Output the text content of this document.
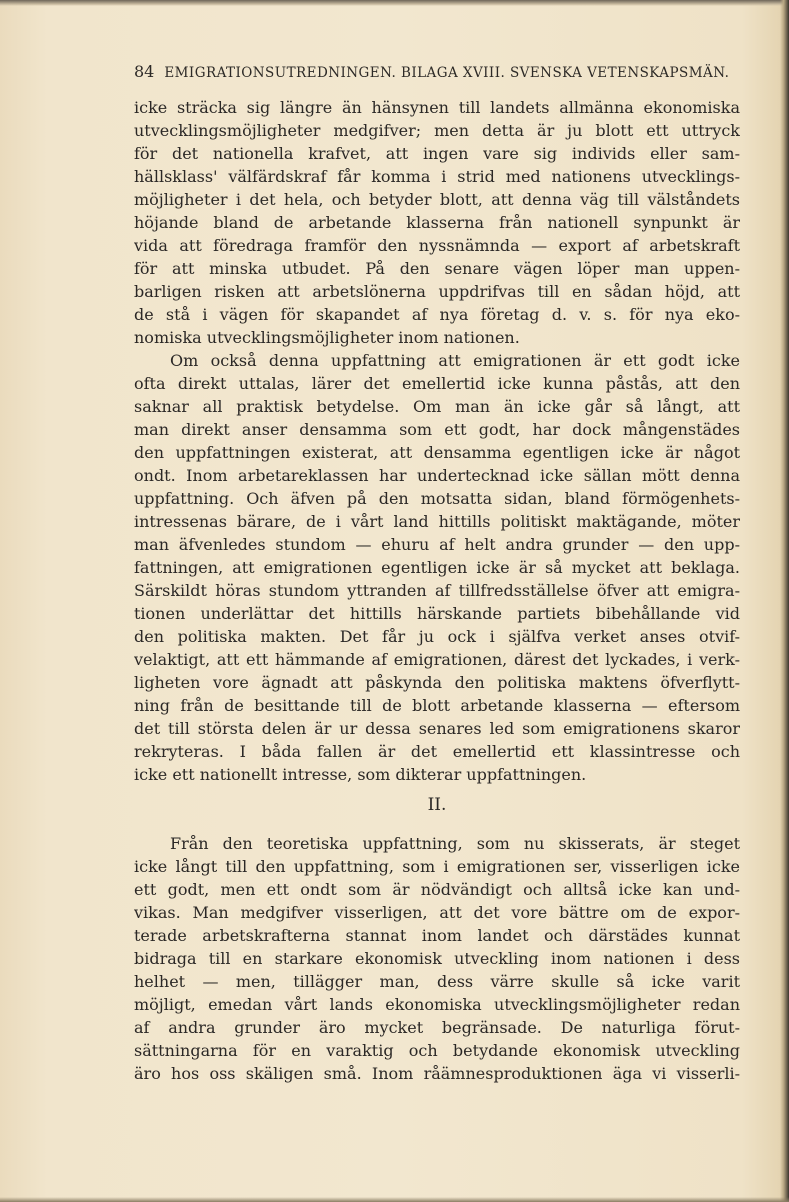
84 EMIGRATIONSUTREDNINGEN. BILAGA XVIII. SVENSKA VETENSKAPSMÄN.
icke sträcka sig längre än hänsynen till landets allmänna ekonomiska
utvecklingsmöjligheter medgifver; men detta är ju blott ett uttryck
för det nationella krafvet, att ingen vare sig individs eller sam-
hällsklass' välfärdskraf får komma i strid med nationens utvecklings-
möjligheter i det hela, och betyder blott, att denna väg till välståndets
höjande bland de arbetande klasserna från nationell synpunkt är
vida att föredraga framför den nyssnämnda — export af arbetskraft
för att minska utbudet. På den senare vägen löper man uppen-
barligen risken att arbetslönerna uppdrifvas till en sådan höjd, att
de stå i vägen för skapandet af nya företag d. v. s. för nya eko-
nomiska utvecklingsmöjligheter inom nationen.
Om också denna uppfattning att emigrationen är ett godt icke
ofta direkt uttalas, lärer det emellertid icke kunna påstås, att den
saknar all praktisk betydelse. Om man än icke går så långt, att
man direkt anser densamma som ett godt, har dock mångenstädes
den uppfattningen existerat, att densamma egentligen icke är något
ondt. Inom arbetareklassen har undertecknad icke sällan mött denna
uppfattning. Och äfven på den motsatta sidan, bland förmögenhets-
intressenas bärare, de i vårt land hittills politiskt maktägande, möter
man äfvenledes stundom — ehuru af helt andra grunder — den upp-
fattningen, att emigrationen egentligen icke är så mycket att beklaga.
Särskildt höras stundom yttranden af tillfredsställelse öfver att emigra-
tionen underlättar det hittills härskande partiets bibehållande vid
den politiska makten. Det får ju ock i själfva verket anses otvif-
velaktigt, att ett hämmande af emigrationen, därest det lyckades, i verk-
ligheten vore ägnadt att påskynda den politiska maktens öfverflytt-
ning från de besittande till de blott arbetande klasserna — eftersom
det till största delen är ur dessa senares led som emigrationens skaror
rekryteras. I båda fallen är det emellertid ett klassintresse och
icke ett nationellt intresse, som dikterar uppfattningen.
II.
Från den teoretiska uppfattning, som nu skisserats, är steget
icke långt till den uppfattning, som i emigrationen ser, visserligen icke
ett godt, men ett ondt som är nödvändigt och alltså icke kan und-
vikas. Man medgifver visserligen, att det vore bättre om de expor-
terade arbetskrafterna stannat inom landet och därstädes kunnat
bidraga till en starkare ekonomisk utveckling inom nationen i dess
helhet — men, tillägger man, dess värre skulle så icke varit
möjligt, emedan vårt lands ekonomiska utvecklingsmöjligheter redan
af andra grunder äro mycket begränsade. De naturliga förut-
sättningarna för en varaktig och betydande ekonomisk utveckling
äro hos oss skäligen små. Inom råämnesproduktionen äga vi visserli-
